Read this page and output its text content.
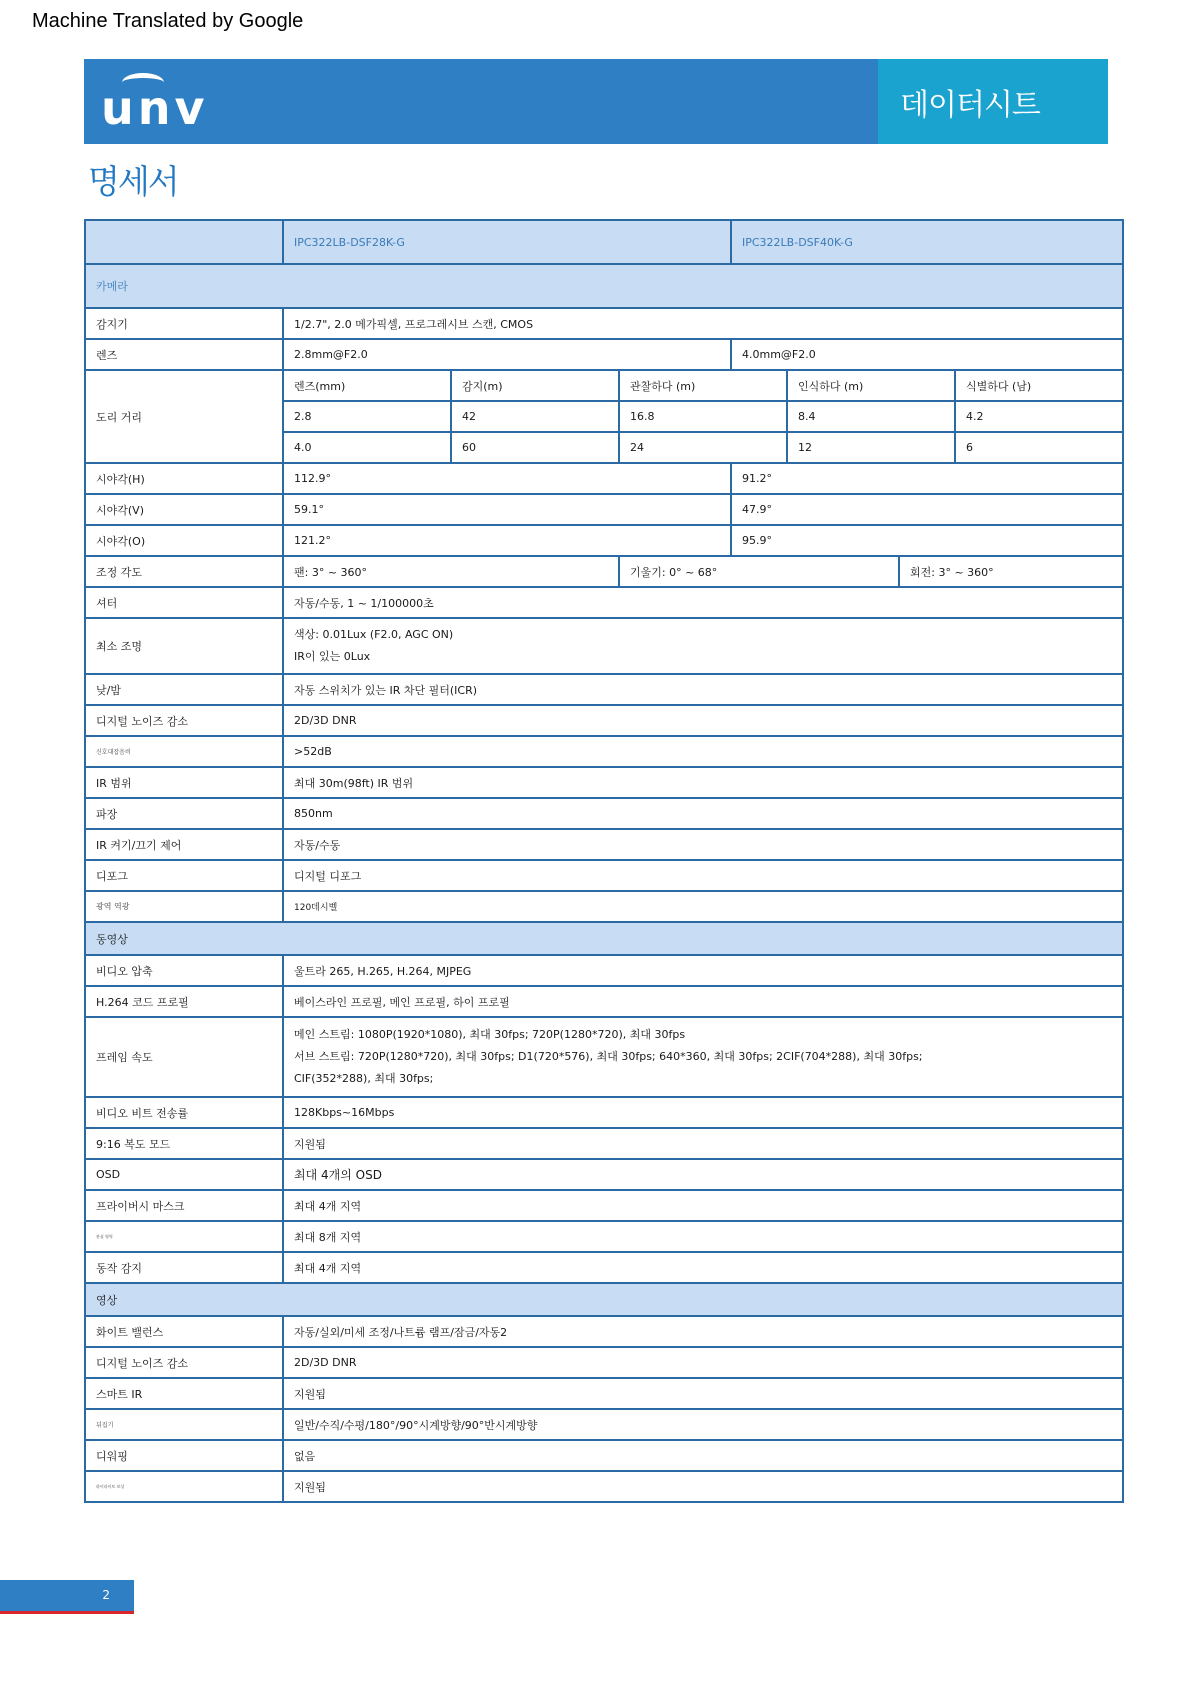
Machine Translated by Google
unv	데이터시트
명세서
	IPC322LB-DSF28K-G			IPC322LB-DSF40K-G			
카메라							
감지기	1/2.7", 2.0 메가픽셀, 프로그레시브 스캔, CMOS						
렌즈	2.8mm@F2.0			4.0mm@F2.0			
도리 거리	렌즈(mm)	감지(m)	관찰하다 (m)		인식하다 (m)		식별하다 (남)
	2.8	42	16.8		8.4		4.2
	4.0	60	24		12		6
시야각(H)	112.9°			91.2°			
시야각(V)	59.1°			47.9°			
시야각(O)	121.2°			95.9°			
조정 각도	팬: 3° ~ 360°		기울기: 0° ~ 68°			회전: 3° ~ 360°	
셔터	자동/수동, 1 ~ 1/100000초						
최소 조명	색상: 0.01Lux (F2.0, AGC ON)
IR이 있는 0Lux						

낮/밤	자동 스위치가 있는 IR 차단 필터(ICR)						
디지털 노이즈 감소	2D/3D DNR						
신호대잡음비	>52dB						
IR 범위	최대 30m(98ft) IR 범위						
파장	850nm						
IR 켜기/끄기 제어	자동/수동						
디포그	디지털 디포그						
광역 역광	120데시벨						
동영상							
비디오 압축	울트라 265, H.265, H.264, MJPEG						
H.264 코드 프로필	베이스라인 프로필, 메인 프로필, 하이 프로필						
프레임 속도	메인 스트림: 1080P(1920*1080), 최대 30fps; 720P(1280*720), 최대 30fps
서브 스트림: 720P(1280*720), 최대 30fps; D1(720*576), 최대 30fps; 640*360, 최대 30fps; 2CIF(704*288), 최대 30fps;
CIF(352*288), 최대 30fps;						

비디오 비트 전송률	128Kbps~16Mbps						
9:16 복도 모드	지원됨						
OSD	최대 4개의 OSD						
프라이버시 마스크	최대 4개 지역						
관심 영역	최대 8개 지역						
동작 감지	최대 4개 지역						
영상							
화이트 밸런스	자동/실외/미세 조정/나트륨 램프/잠금/자동2						
디지털 노이즈 감소	2D/3D DNR						
스마트 IR	지원됨						
뒤집기	일반/수직/수평/180°/90°시계방향/90°반시계방향						
디워핑	없음						
하이라이트 보상	지원됨						
2
